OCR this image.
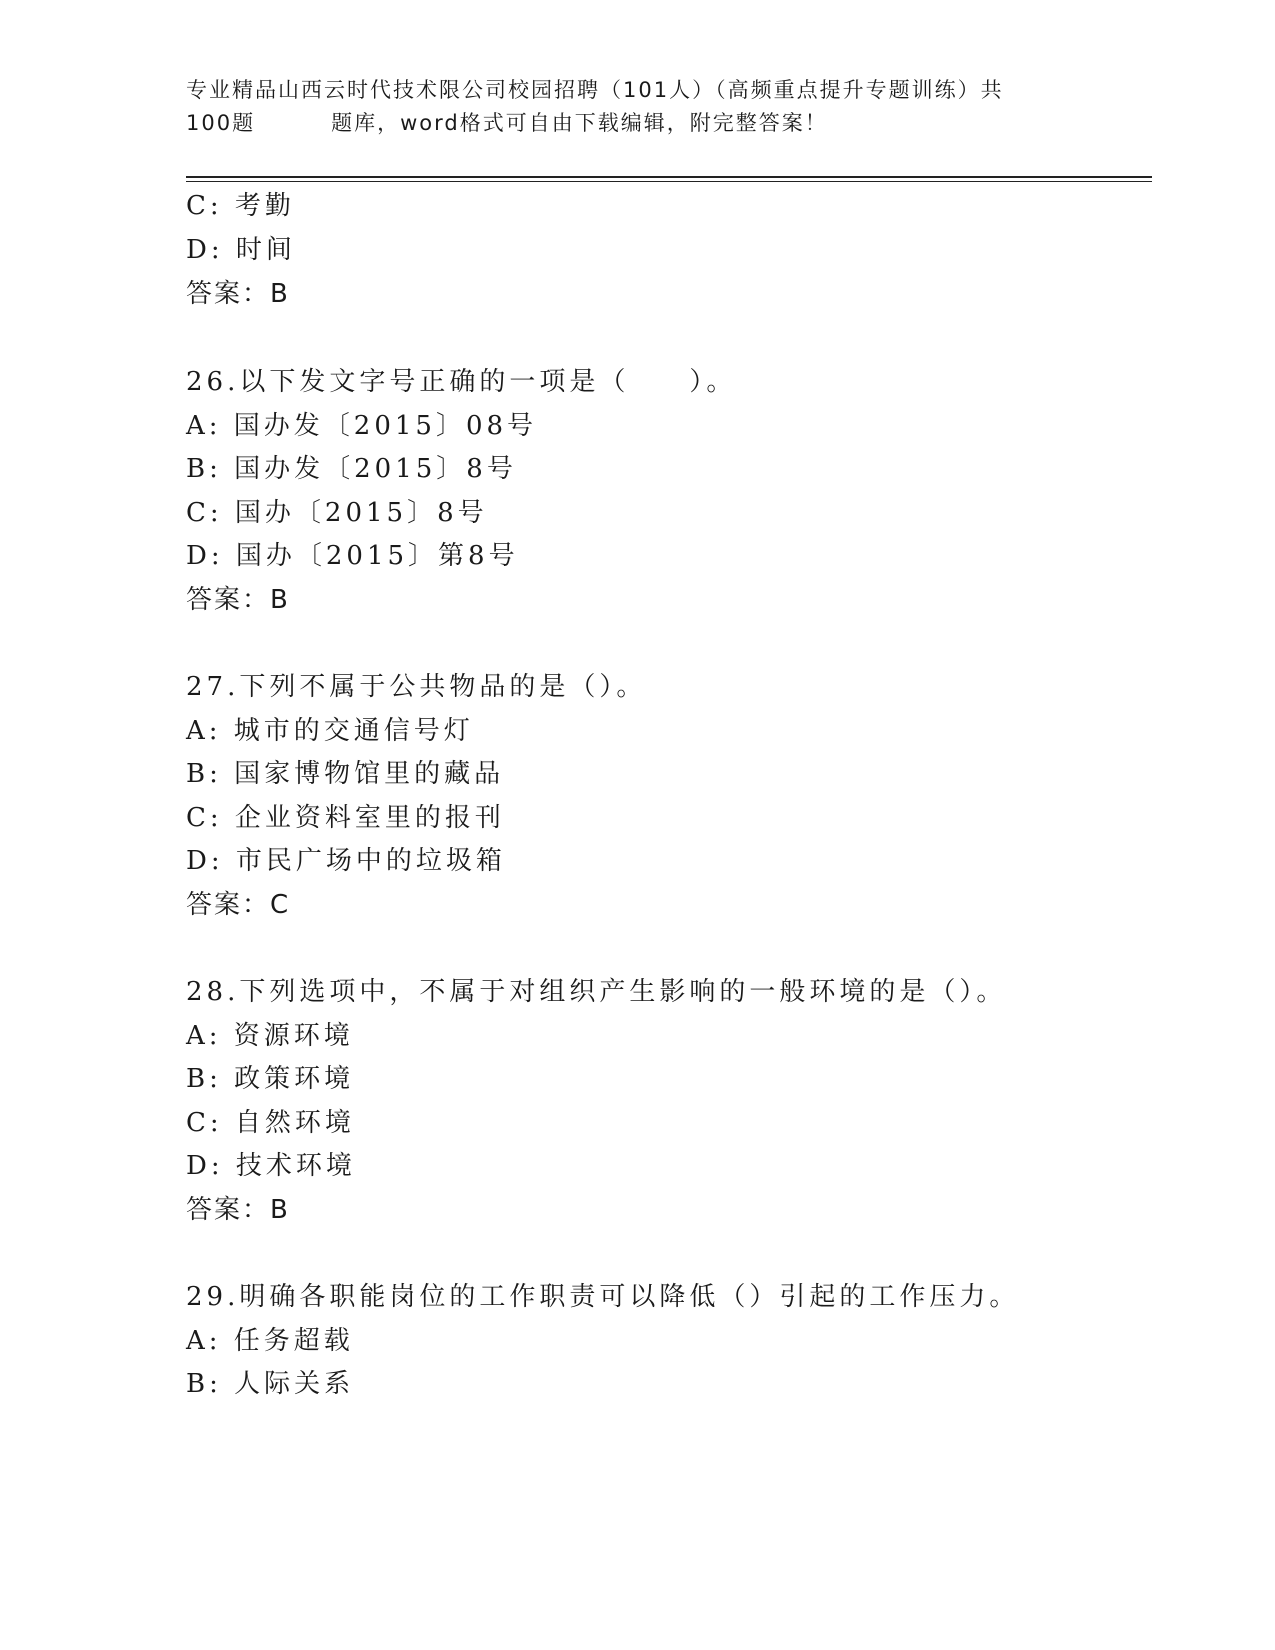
专业精品山西云时代技术限公司校园招聘（101人）（高频重点提升专题训练）共
100题	题库，word格式可自由下载编辑，附完整答案！
C: 考勤
D: 时间
答案：B
26.以下发文字号正确的一项是（　　）。
A: 国办发〔2015〕08号
B: 国办发〔2015〕8号
C: 国办〔2015〕8号
D: 国办〔2015〕第8号
答案：B
27.下列不属于公共物品的是（）。
A: 城市的交通信号灯
B: 国家博物馆里的藏品
C: 企业资料室里的报刊
D: 市民广场中的垃圾箱
答案：C
28.下列选项中，不属于对组织产生影响的一般环境的是（）。
A: 资源环境
B: 政策环境
C: 自然环境
D: 技术环境
答案：B
29.明确各职能岗位的工作职责可以降低（）引起的工作压力。
A: 任务超载
B: 人际关系
